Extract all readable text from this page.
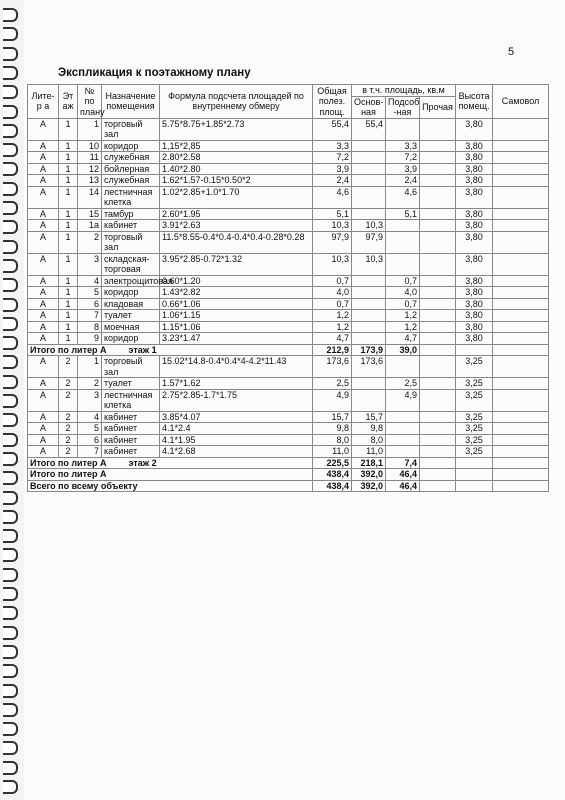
5
Экспликация к поэтажному плану
Лите-р а	Эт аж	№ по плану	Назначение помещения	Формула подсчета площадей по внутреннему обмеру	Общая полез. площ.	в т.ч. площадь, кв.м			Высота помещ.	Самовол
						Основ-ная	Подсоб -ная	Прочая		
А	1	1	торговый зал	5.75*8.75+1.85*2.73	55,4	55,4			3,80	
А	1	10	коридор	1,15*2,85	3,3		3,3		3,80	
А	1	11	служебная	2.80*2.58	7,2		7,2		3,80	
А	1	12	бойлерная	1.40*2.80	3,9		3,9		3,80	
А	1	13	служебная	1.62*1.57-0.15*0.50*2	2,4		2,4		3,80	
А	1	14	лестничная клетка	1.02*2.85+1.0*1.70	4,6		4,6		3,80	
А	1	15	тамбур	2.60*1.95	5,1		5,1		3,80	
А	1	1а	кабинет	3.91*2.63	10,3	10,3			3,80	
А	1	2	торговый зал	11.5*8.55-0.4*0.4-0.4*0.4-0.28*0.28	97,9	97,9			3,80	
А	1	3	складская-торговая	3.95*2.85-0.72*1.32	10,3	10,3			3,80	
А	1	4	электрощитовая	0.60*1.20	0,7		0,7		3,80	
А	1	5	коридор	1.43*2.82	4,0		4,0		3,80	
А	1	6	кладовая	0.66*1.06	0,7		0,7		3,80	
А	1	7	туалет	1.06*1.15	1,2		1,2		3,80	
А	1	8	моечная	1.15*1.06	1,2		1,2		3,80	
А	1	9	коридор	3.23*1.47	4,7		4,7		3,80	
Итого по литер А этаж 1					212,9	173,9	39,0			
А	2	1	торговый зал	15.02*14.8-0.4*0.4*4-4.2*11.43	173,6	173,6			3,25	
А	2	2	туалет	1.57*1.62	2,5		2,5		3,25	
А	2	3	лестничная клетка	2.75*2.85-1.7*1.75	4,9		4,9		3,25	
А	2	4	кабинет	3.85*4.07	15,7	15,7			3,25	
А	2	5	кабинет	4.1*2.4	9,8	9,8			3,25	
А	2	6	кабинет	4.1*1.95	8,0	8,0			3,25	
А	2	7	кабинет	4.1*2.68	11,0	11,0			3,25	
Итого по литер А этаж 2					225,5	218,1	7,4			
Итого по литер А					438,4	392,0	46,4			
Всего по всему объекту					438,4	392,0	46,4			
